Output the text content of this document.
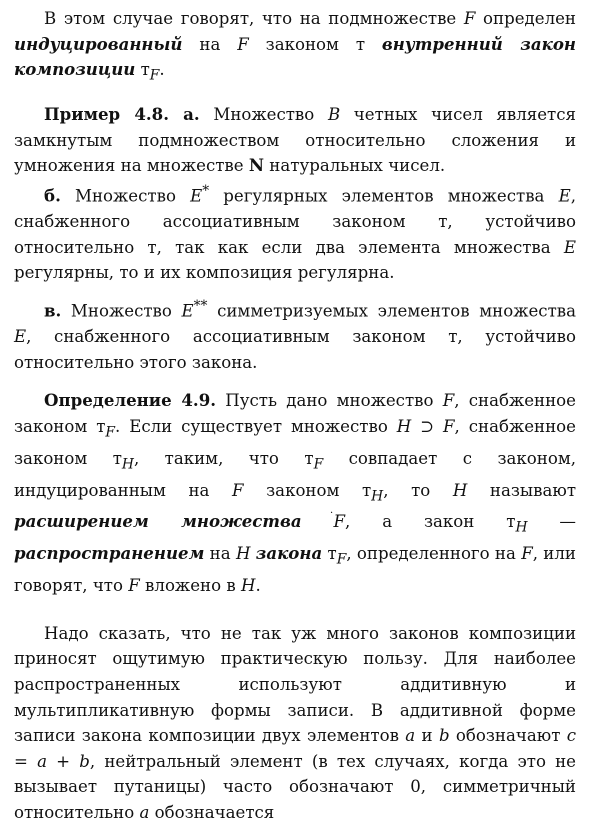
В этом случае говорят, что на подмножестве F определен индуцированный на F законом т внутренний закон композиции $т_F$.

Пример 4.8. а. Множество B четных чисел является замкнутым подмножеством относительно сложения и умножения на множестве N натуральных чисел.

б. Множество E* регулярных элементов множества E, снабженного ассоциативным законом т, устойчиво относительно т, так как если два элемента множества E регулярны, то и их композиция регулярна.

в. Множество E** симметризуемых элементов множества E, снабженного ассоциативным законом т, устойчиво относительно этого закона.

Определение 4.9. Пусть дано множество F, снабженное законом $т_F$. Если существует множество H ⊃ F, снабженное законом $т_H$, таким, что $т_F$ совпадает с законом, индуцированным на F законом $т_H$, то H называют расширением множества F, а закон $т_H$ — распространением на H закона $т_F$, определенного на F, или говорят, что F вложено в H.

·

Надо сказать, что не так уж много законов композиции приносят ощутимую практическую пользу. Для наиболее распространенных используют аддитивную и мультипликативную формы записи. В аддитивной форме записи закона композиции двух элементов a и b обозначают c = a + b, нейтральный элемент (в тех случаях, когда это не вызывает путаницы) часто обозначают 0, симметричный относительно a обозначается
